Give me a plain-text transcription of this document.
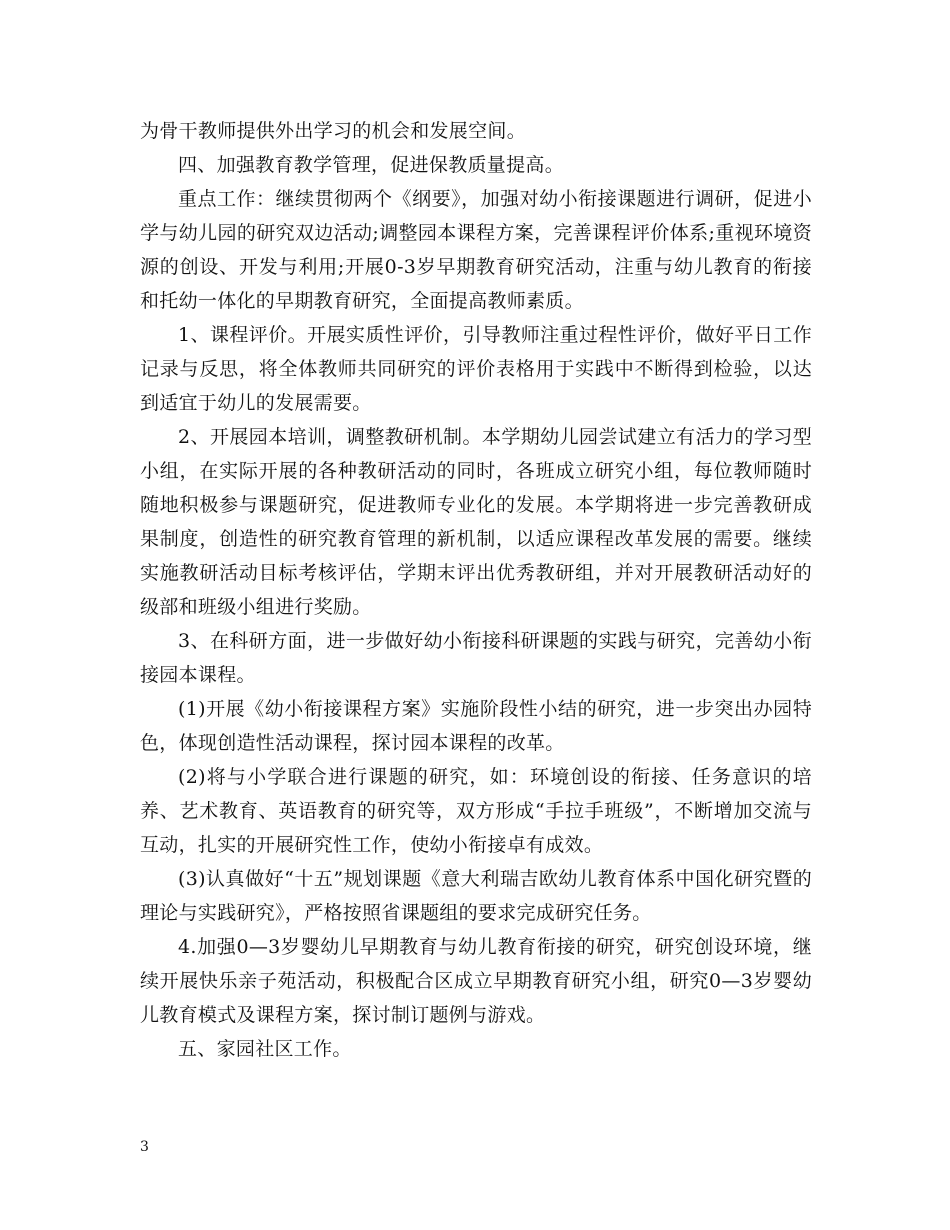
为骨干教师提供外出学习的机会和发展空间。

四、加强教育教学管理，促进保教质量提高。

重点工作：继续贯彻两个《纲要》，加强对幼小衔接课题进行调研，促进小学与幼儿园的研究双边活动;调整园本课程方案，完善课程评价体系;重视环境资源的创设、开发与利用;开展0-3岁早期教育研究活动，注重与幼儿教育的衔接和托幼一体化的早期教育研究，全面提高教师素质。

1、课程评价。开展实质性评价，引导教师注重过程性评价，做好平日工作记录与反思，将全体教师共同研究的评价表格用于实践中不断得到检验，以达到适宜于幼儿的发展需要。

2、开展园本培训，调整教研机制。本学期幼儿园尝试建立有活力的学习型小组，在实际开展的各种教研活动的同时，各班成立研究小组，每位教师随时随地积极参与课题研究，促进教师专业化的发展。本学期将进一步完善教研成果制度，创造性的研究教育管理的新机制，以适应课程改革发展的需要。继续实施教研活动目标考核评估，学期末评出优秀教研组，并对开展教研活动好的级部和班级小组进行奖励。

3、在科研方面，进一步做好幼小衔接科研课题的实践与研究，完善幼小衔接园本课程。

(1)开展《幼小衔接课程方案》实施阶段性小结的研究，进一步突出办园特色，体现创造性活动课程，探讨园本课程的改革。

(2)将与小学联合进行课题的研究，如：环境创设的衔接、任务意识的培养、艺术教育、英语教育的研究等，双方形成“手拉手班级”，不断增加交流与互动，扎实的开展研究性工作，使幼小衔接卓有成效。

(3)认真做好“十五”规划课题《意大利瑞吉欧幼儿教育体系中国化研究暨的理论与实践研究》，严格按照省课题组的要求完成研究任务。

4.加强0—3岁婴幼儿早期教育与幼儿教育衔接的研究，研究创设环境，继续开展快乐亲子苑活动，积极配合区成立早期教育研究小组，研究0—3岁婴幼儿教育模式及课程方案，探讨制订题例与游戏。

五、家园社区工作。

3
